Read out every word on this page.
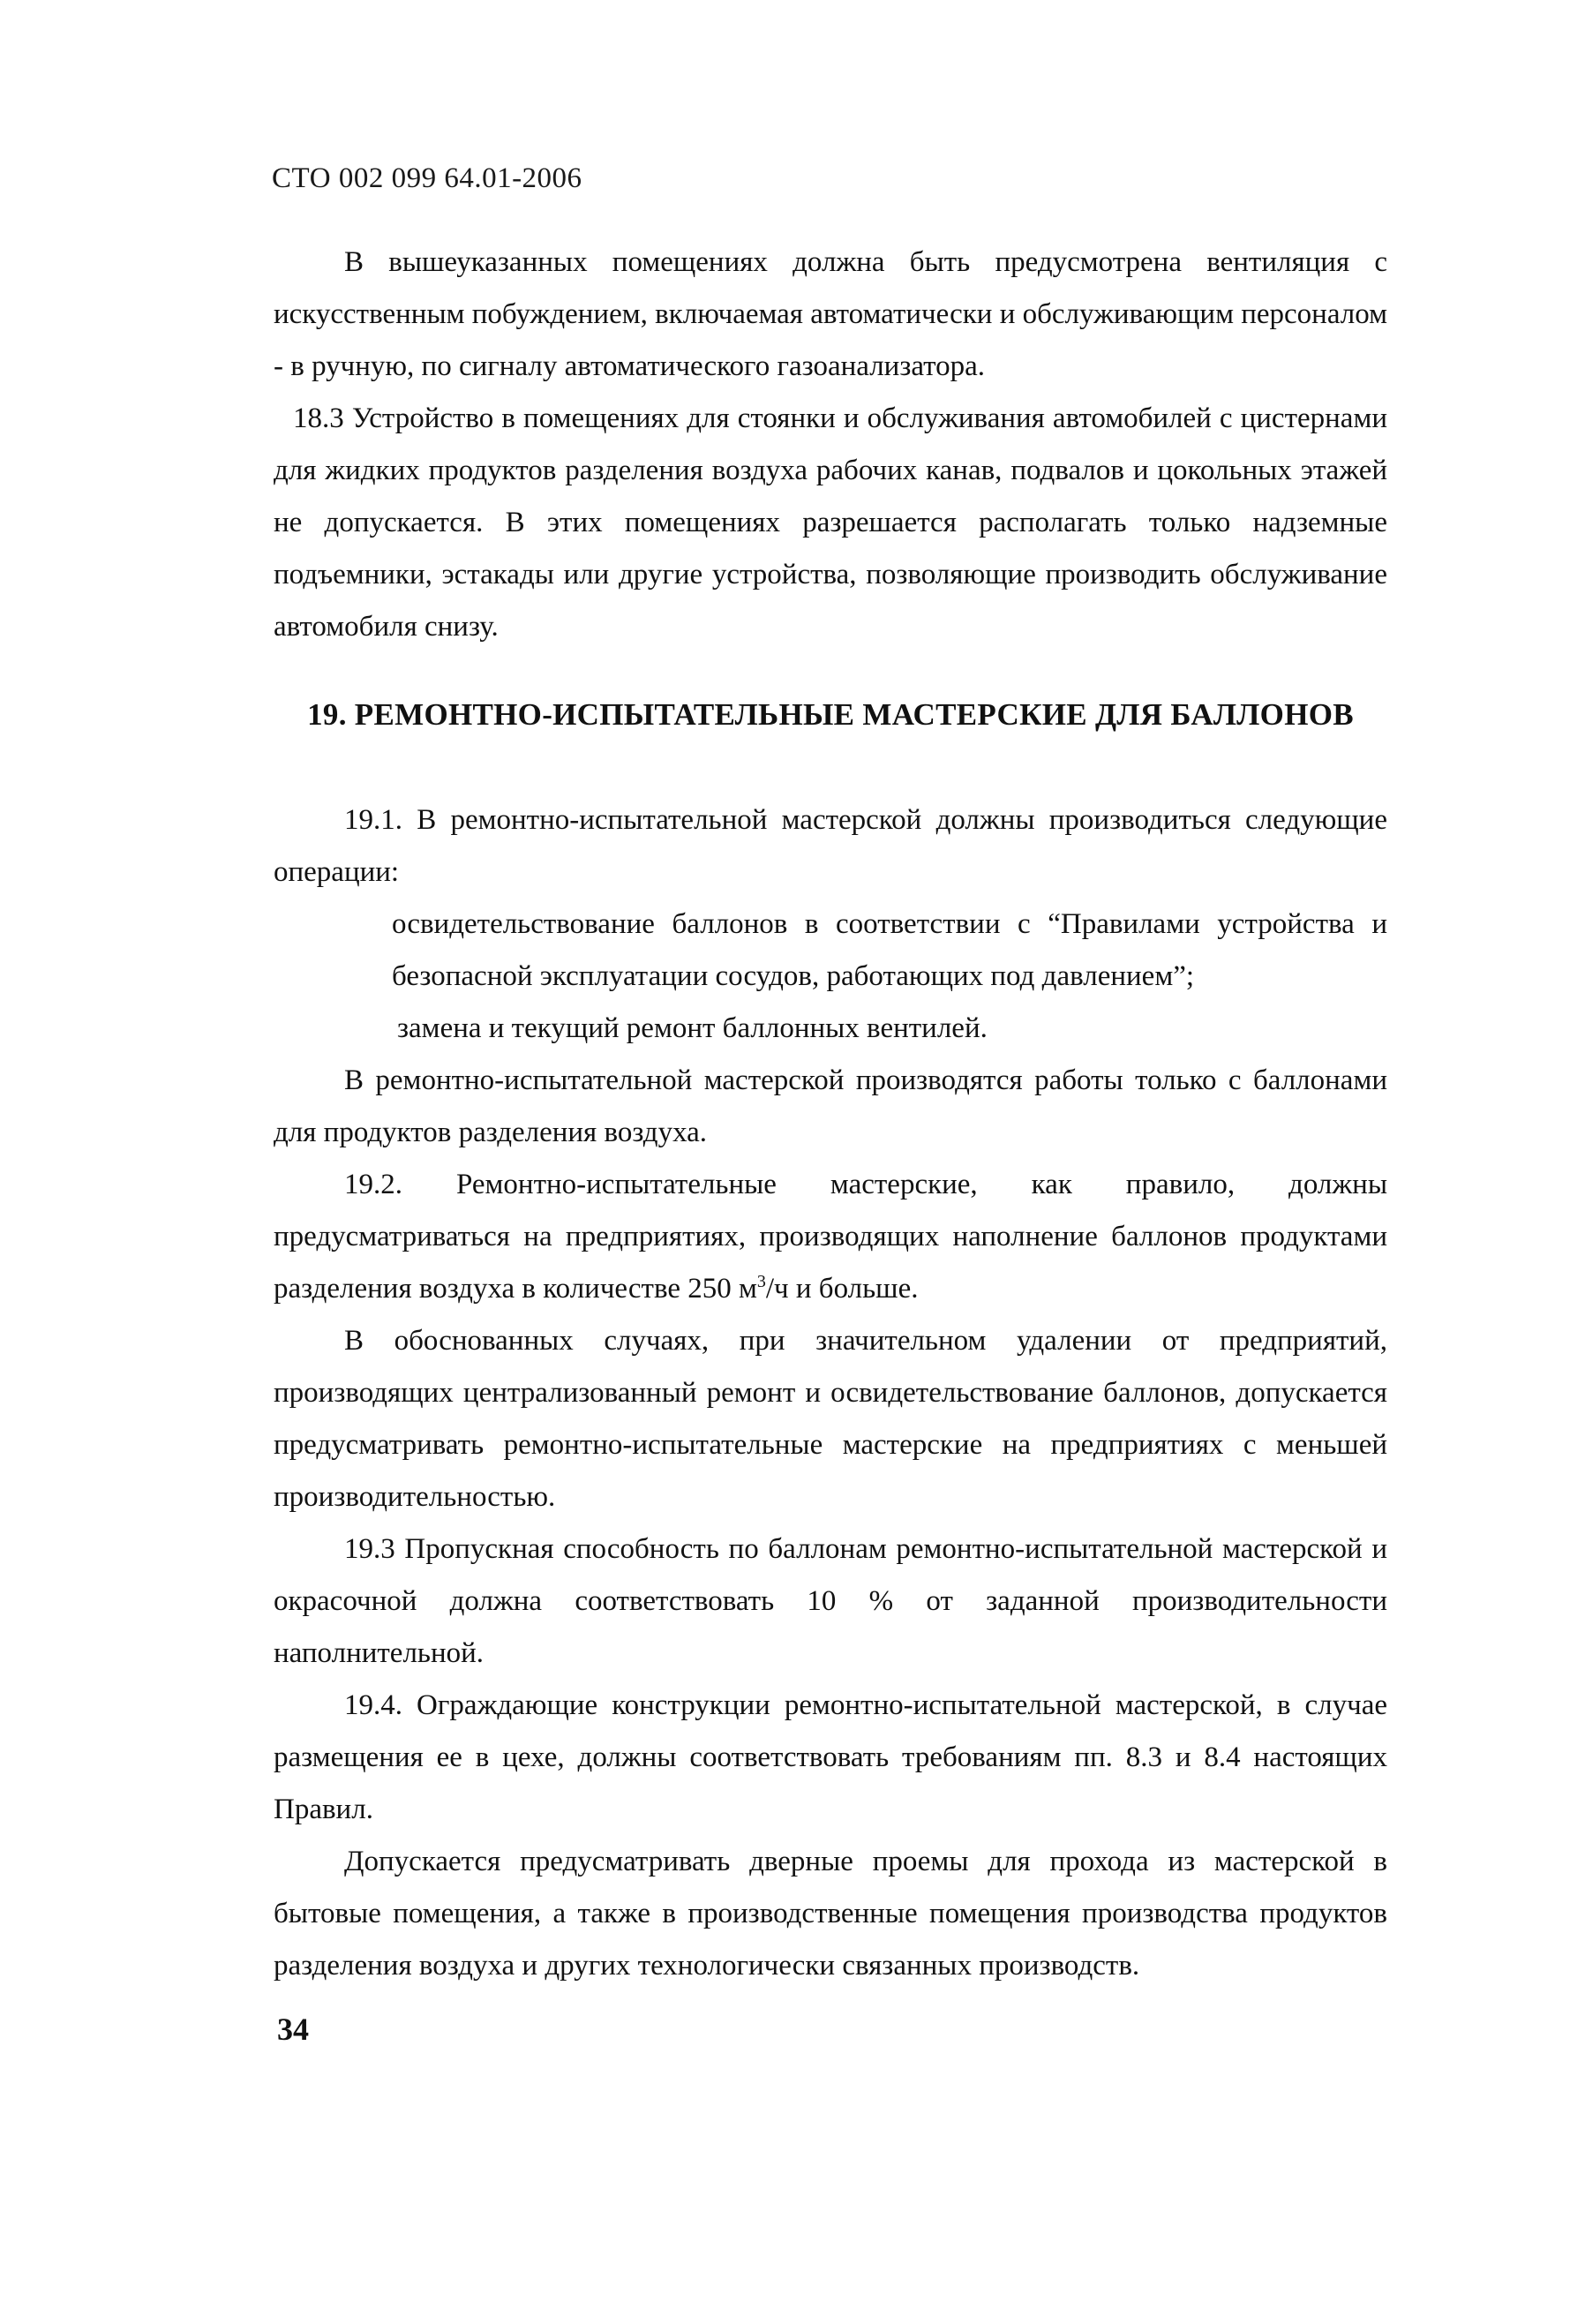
СТО 002 099 64.01-2006

В вышеуказанных помещениях должна быть предусмотрена вентиляция с искусственным побуждением, включаемая автоматически и обслуживающим персоналом - в ручную, по сигналу автоматического газоанализатора.

18.3 Устройство в помещениях для стоянки и обслуживания автомобилей с цистернами для жидких продуктов разделения воздуха рабочих канав, подвалов и цокольных этажей не допускается. В этих помещениях разрешается располагать только надземные подъемники, эстакады или другие устройства, позволяющие производить обслуживание автомобиля снизу.

19. РЕМОНТНО-ИСПЫТАТЕЛЬНЫЕ МАСТЕРСКИЕ ДЛЯ БАЛЛОНОВ

19.1. В ремонтно-испытательной мастерской должны производиться следующие операции:

освидетельствование баллонов в соответствии с “Правилами устройства и безопасной эксплуатации сосудов, работающих под давлением”;

замена и текущий ремонт баллонных вентилей.

В ремонтно-испытательной мастерской производятся работы только с баллонами для продуктов разделения воздуха.

19.2. Ремонтно-испытательные мастерские, как правило, должны предусматриваться на предприятиях, производящих наполнение баллонов продуктами разделения воздуха в количестве 250 $м^3/ч$ и больше.

В обоснованных случаях, при значительном удалении от предприятий, производящих централизованный ремонт и освидетельствование баллонов, допускается предусматривать ремонтно-испытательные мастерские на предприятиях с меньшей производительностью.

19.3 Пропускная способность по баллонам ремонтно-испытательной мастерской и окрасочной должна соответствовать 10 % от заданной производительности наполнительной.

19.4. Ограждающие конструкции ремонтно-испытательной мастерской, в случае размещения ее в цехе, должны соответствовать требованиям пп. 8.3 и 8.4 настоящих Правил.

Допускается предусматривать дверные проемы для прохода из мастерской в бытовые помещения, а также в производственные помещения производства продуктов разделения воздуха и других технологически связанных производств.

34
